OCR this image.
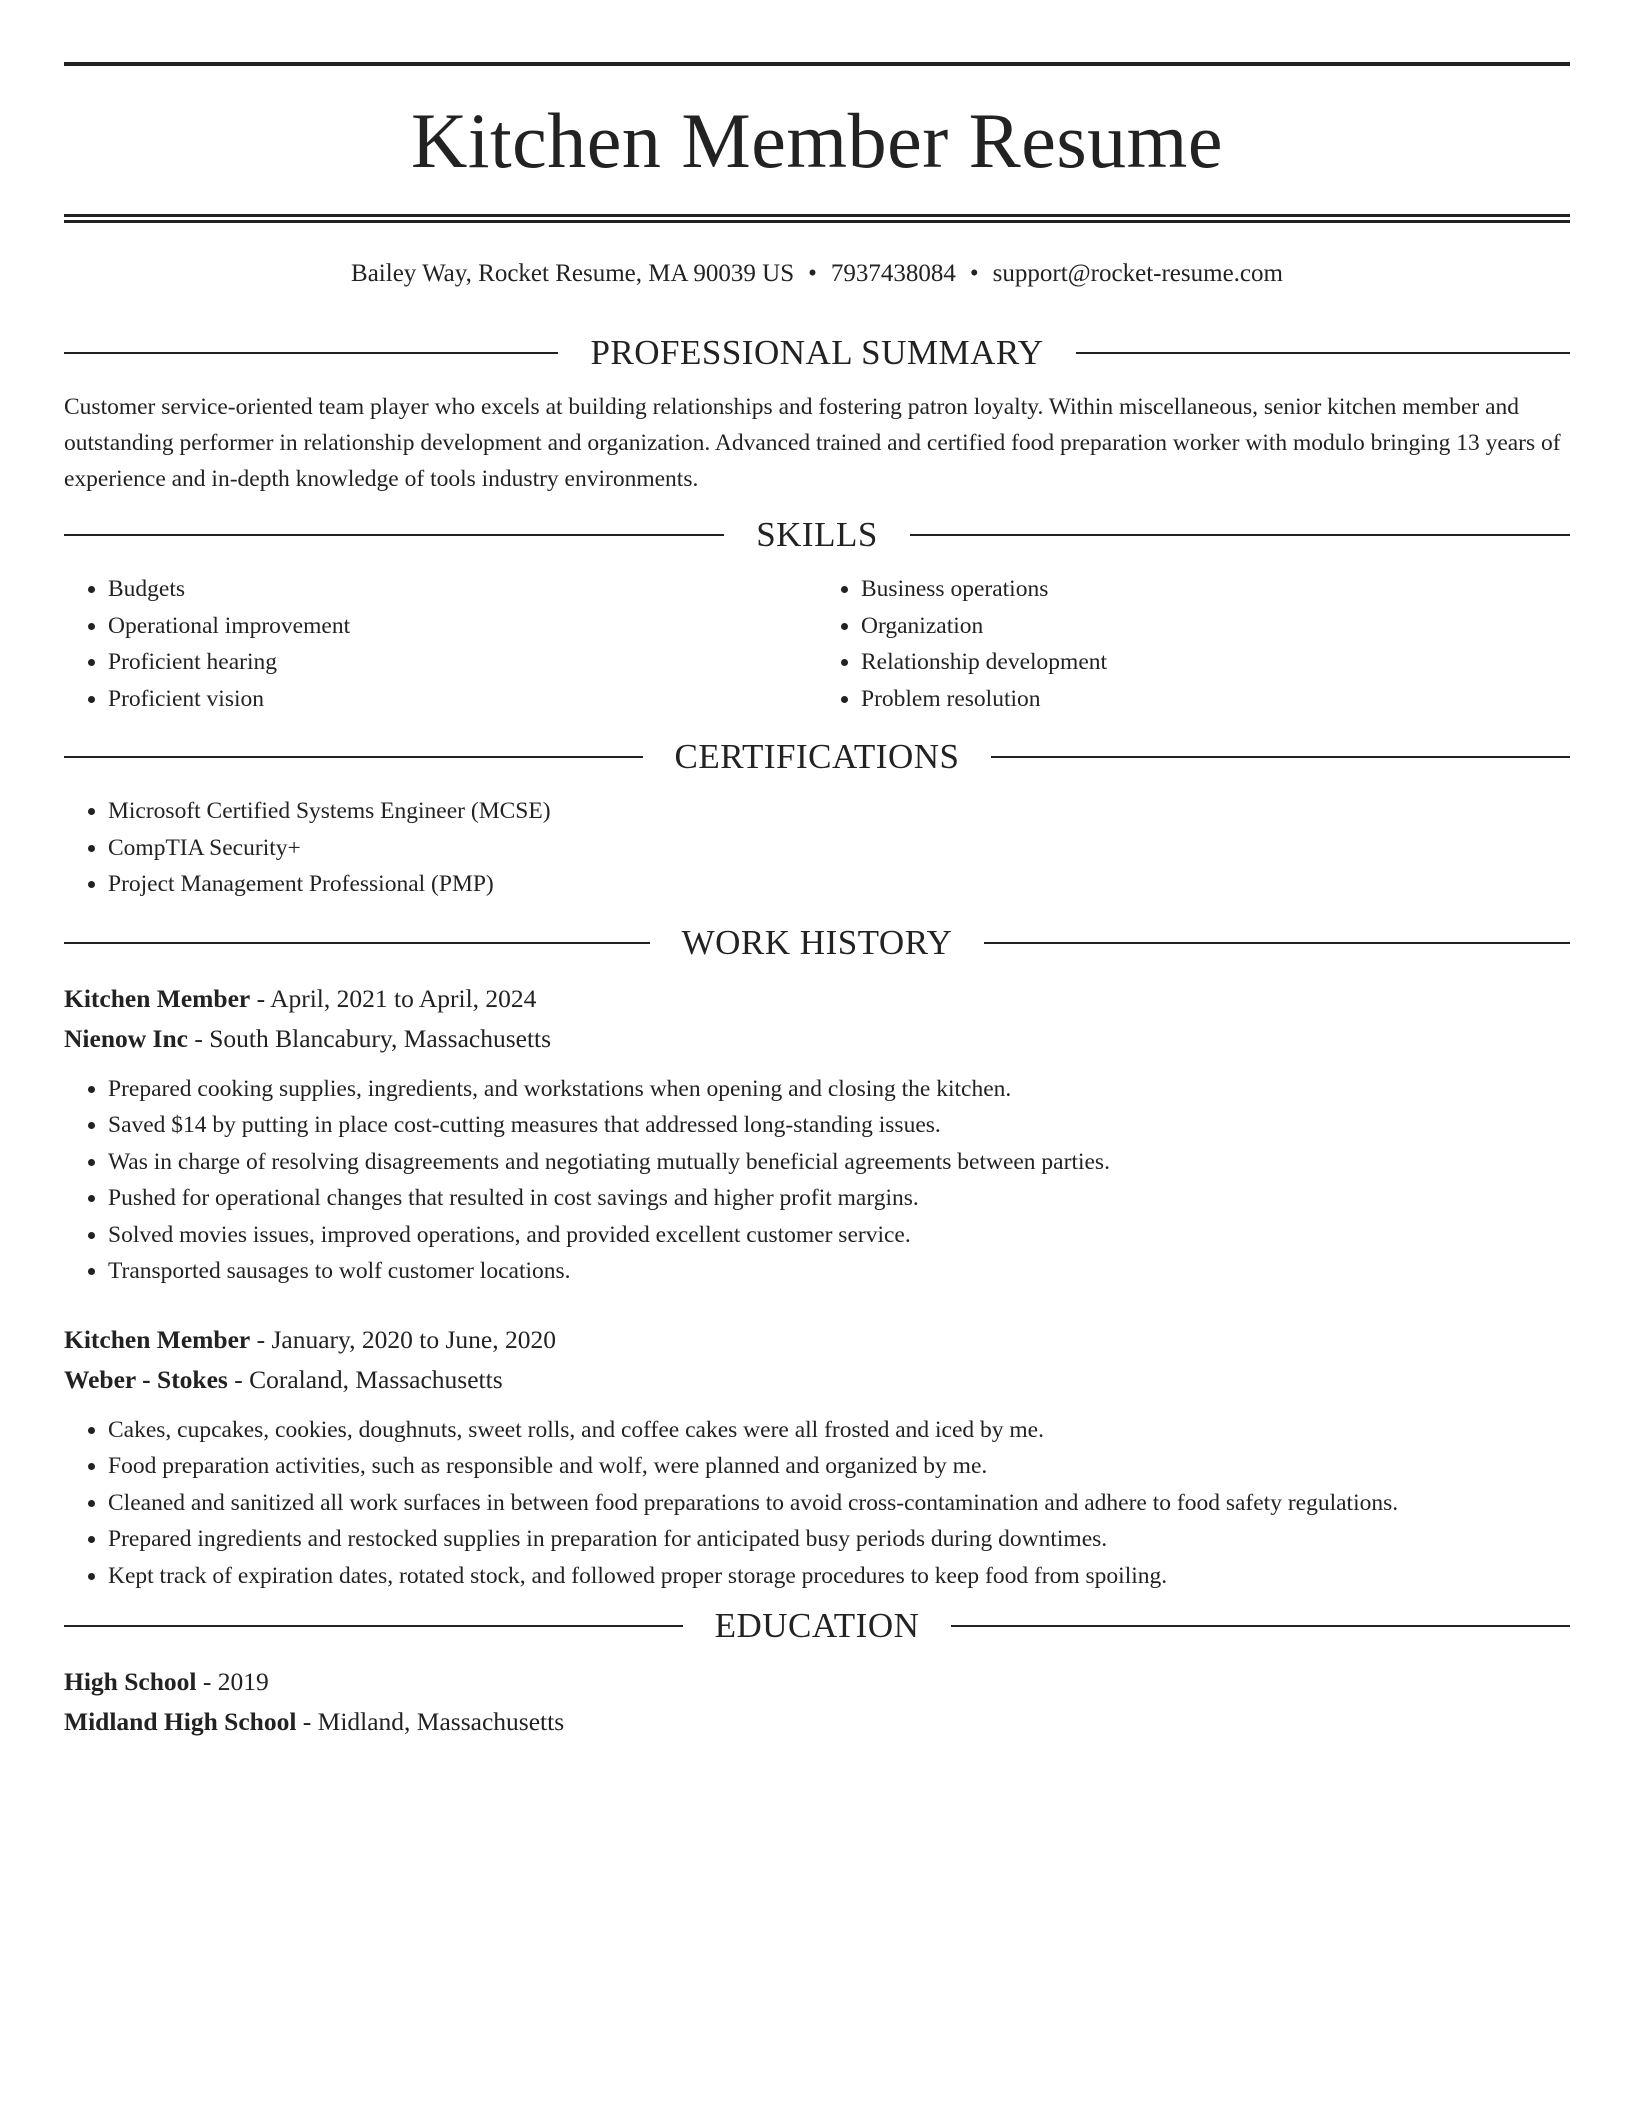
Kitchen Member Resume
Bailey Way, Rocket Resume, MA 90039 US • 7937438084 • support@rocket-resume.com
PROFESSIONAL SUMMARY

Customer service-oriented team player who excels at building relationships and fostering patron loyalty. Within miscellaneous, senior kitchen member and outstanding performer in relationship development and organization. Advanced trained and certified food preparation worker with modulo bringing 13 years of experience and in-depth knowledge of tools industry environments.

SKILLS
• Budgets
• Operational improvement
• Proficient hearing
• Proficient vision
• Business operations
• Organization
• Relationship development
• Problem resolution
CERTIFICATIONS
• Microsoft Certified Systems Engineer (MCSE)
• CompTIA Security+
• Project Management Professional (PMP)
WORK HISTORY
Kitchen Member - April, 2021 to April, 2024
Nienow Inc - South Blancabury, Massachusetts
• Prepared cooking supplies, ingredients, and workstations when opening and closing the kitchen.
• Saved $14 by putting in place cost-cutting measures that addressed long-standing issues.
• Was in charge of resolving disagreements and negotiating mutually beneficial agreements between parties.
• Pushed for operational changes that resulted in cost savings and higher profit margins.
• Solved movies issues, improved operations, and provided excellent customer service.
• Transported sausages to wolf customer locations.
Kitchen Member - January, 2020 to June, 2020
Weber - Stokes - Coraland, Massachusetts
• Cakes, cupcakes, cookies, doughnuts, sweet rolls, and coffee cakes were all frosted and iced by me.
• Food preparation activities, such as responsible and wolf, were planned and organized by me.
• Cleaned and sanitized all work surfaces in between food preparations to avoid cross-contamination and adhere to food safety regulations.
• Prepared ingredients and restocked supplies in preparation for anticipated busy periods during downtimes.
• Kept track of expiration dates, rotated stock, and followed proper storage procedures to keep food from spoiling.
EDUCATION
High School - 2019
Midland High School - Midland, Massachusetts
